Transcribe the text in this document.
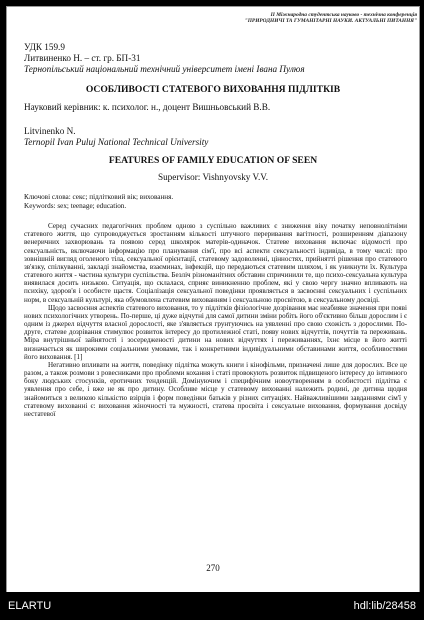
ІІ Міжнародна студентська науково - технічна конференція
"ПРИРОДНИЧІ ТА ГУМАНІТАРНІ НАУКИ. АКТУАЛЬНІ ПИТАННЯ"
УДК 159.9
Литвиненко Н. – ст. гр. БП-31
Тернопільський національний технічний університет імені Івана Пулюя
ОСОБЛИВОСТІ СТАТЕВОГО ВИХОВАННЯ ПІДЛІТКІВ
Науковий керівник: к. психолог. н., доцент Вишньовський В.В.
Litvinenko N.
Ternopil Ivan Puluj National Technical University
FEATURES OF FAMILY EDUCATION OF SEEN
Supervisor: Vishnyovsky V.V.
Ключові слова: секс; підлітковий вік; виховання.
Keywords: sex; teenage; education.

Серед сучасних педагогічних проблем одною з суспільно важливих є зниження віку початку неповнолітніми статевого життя, що супроводжується зростанням кількості штучного переривання вагітності, розширенням діапазону венеричних захворювань та появою серед школярок матерів-одиначок. Статеве виховання включає відомості про сексуальність, включаючи інформацію про планування сім'ї, про всі аспекти сексуальності індивіда, в тому числі: про зовнішній вигляд оголеного тіла, сексуальної орієнтації, статевому задоволенні, цінностях, прийнятті рішення про статевого зв'язку, спілкуванні, закладі знайомства, взаєминах, інфекцій, що передаються статевим шляхом, і як уникнути їх. Культура статевого життя - частина культури суспільства. Безліч різноманітних обставин спричинили те, що психо-сексуальна культура виявилася досить низькою. Ситуація, що склалася, сприяє виникненню проблем, які у свою чергу значно впливають на психіку, здоров'я і особисте щастя. Соціалізація сексуальної поведінки проявляється в засвоєнні сексуальних і суспільних норм, в сексуальній культурі, яка обумовлена статевим вихованням і сексуальною просвітою, в сексуальному досвіді.

Щодо засвоєння аспектів статевого виховання, то у підлітків фізіологічне дозрівання має неабияке значення при появі нових психологічних утворень. По-перше, ці дуже відчутні для самої дитини зміни робіть його об'єктивно більш дорослим і є одним із джерел відчуття власної дорослості, яке з'являється грунтуючись на уявленні про свою схожість з дорослими. По-друге, статеве дозрівання стимулює розвиток інтересу до протилежної статі, появу нових відчуттів, почуттів та переживань. Міра внутрішньої зайнятості і зосередженості дитини на нових відчуттях і переживаннях, їхнє місце в його житті визначається як широкими соціальними умовами, так і конкретними індивідуальними обставинами життя, особливостями його виховання. [1]

Негативно впливати на життя, поведінку підлітка можуть книги і кінофільми, призначені лише для дорослих. Все це разом, а також розмови з ровесниками про проблеми кохання і статі провокують розвиток підвищеного інтересу до інтимного боку людських стосунків, еротичних тенденцій. Домінуючим і специфічним новоутворенням в особистості підлітка є уявлення про себе, і вже не як про дитину. Особливе місце у статевому вихованні належить родині, де дитина щодня знайомиться з великою кількістю взірців і форм поведінки батьків у різних ситуаціях. Найважливішими завданнями сім'ї у статевому вихованні є: виховання жіночності та мужності, статева просвіта і сексуальне виховання, формування досвіду нестатевої

270
ELARTU	hdl:lib/28458
